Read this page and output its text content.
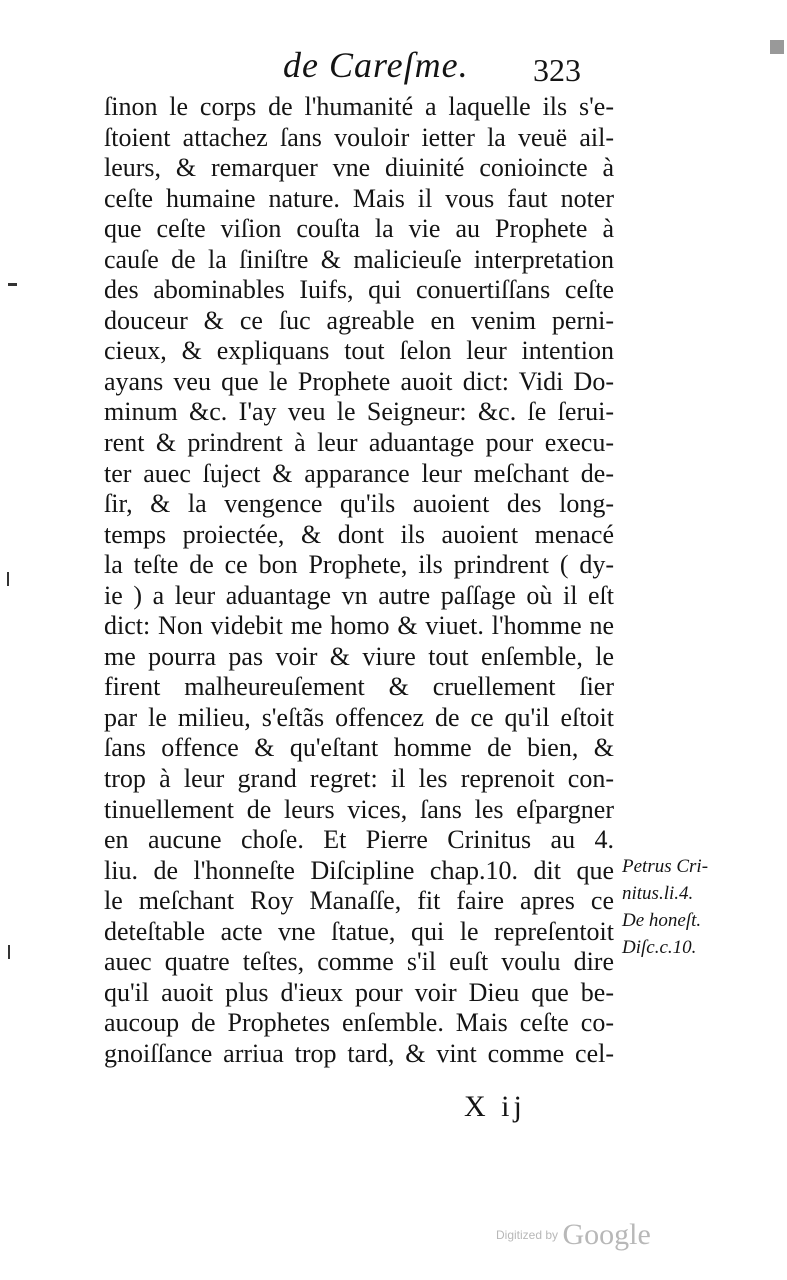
de Careſme. 323
ſinon le corps de l'humanité a laquelle ils s'e-
ſtoient attachez ſans vouloir ietter la veuë ail-
leurs, & remarquer vne diuinité conioincte à
ceſte humaine nature. Mais il vous faut noter
que ceſte viſion couſta la vie au Prophete à
cauſe de la ſiniſtre & malicieuſe interpretation
des abominables Iuifs, qui conuertiſſans ceſte
douceur & ce ſuc agreable en venim perni-
cieux, & expliquans tout ſelon leur intention
ayans veu que le Prophete auoit dict: Vidi Do-
minum &c. I'ay veu le Seigneur: &c. ſe ſerui-
rent & prindrent à leur aduantage pour execu-
ter auec ſuject & apparance leur meſchant de-
ſir, & la vengence qu'ils auoient des long-
temps proiectée, & dont ils auoient menacé
la teſte de ce bon Prophete, ils prindrent ( dy-
ie ) a leur aduantage vn autre paſſage où il eſt
dict: Non videbit me homo & viuet. l'homme ne
me pourra pas voir & viure tout enſemble, le
firent malheureuſement & cruellement ſier
par le milieu, s'eſtãs offencez de ce qu'il eſtoit
ſans offence & qu'eſtant homme de bien, &
trop à leur grand regret: il les reprenoit con-
tinuellement de leurs vices, ſans les eſpargner
en aucune choſe. Et Pierre Crinitus au 4.
liu. de l'honneſte Diſcipline chap.10. dit que
le meſchant Roy Manaſſe, fit faire apres ce
deteſtable acte vne ſtatue, qui le repreſentoit
auec quatre teſtes, comme s'il euſt voulu dire
qu'il auoit plus d'ieux pour voir Dieu que be-
aucoup de Prophetes enſemble. Mais ceſte co-
gnoiſſance arriua trop tard, & vint comme cel-
Petrus Cri-
nitus.li.4.
De honeſt.
Diſc.c.10.
X ij
Digitized by Google
